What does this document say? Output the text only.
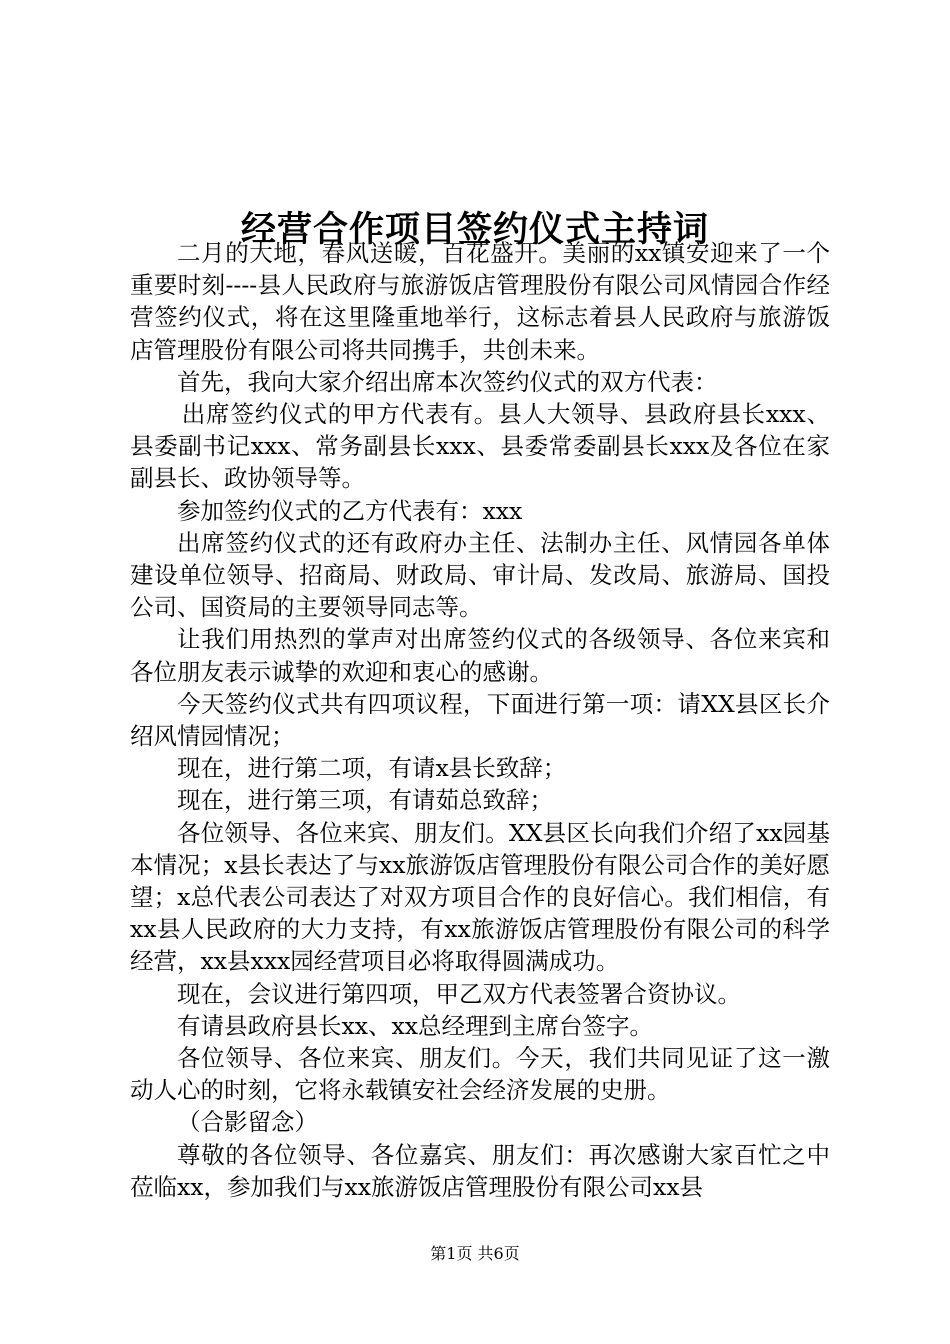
经营合作项目签约仪式主持词

二月的大地，春风送暖，百花盛开。美丽的xx镇安迎来了一个重要时刻----县人民政府与旅游饭店管理股份有限公司风情园合作经营签约仪式，将在这里隆重地举行，这标志着县人民政府与旅游饭店管理股份有限公司将共同携手，共创未来。

首先，我向大家介绍出席本次签约仪式的双方代表：

出席签约仪式的甲方代表有。县人大领导、县政府县长xxx、县委副书记xxx、常务副县长xxx、县委常委副县长xxx及各位在家副县长、政协领导等。

参加签约仪式的乙方代表有：xxx

出席签约仪式的还有政府办主任、法制办主任、风情园各单体建设单位领导、招商局、财政局、审计局、发改局、旅游局、国投公司、国资局的主要领导同志等。

让我们用热烈的掌声对出席签约仪式的各级领导、各位来宾和各位朋友表示诚挚的欢迎和衷心的感谢。

今天签约仪式共有四项议程，下面进行第一项：请XX县区长介绍风情园情况；

现在，进行第二项，有请x县长致辞；

现在，进行第三项，有请茹总致辞；

各位领导、各位来宾、朋友们。XX县区长向我们介绍了xx园基本情况；x县长表达了与xx旅游饭店管理股份有限公司合作的美好愿望；x总代表公司表达了对双方项目合作的良好信心。我们相信，有xx县人民政府的大力支持，有xx旅游饭店管理股份有限公司的科学经营，xx县xxx园经营项目必将取得圆满成功。

现在，会议进行第四项，甲乙双方代表签署合资协议。

有请县政府县长xx、xx总经理到主席台签字。

各位领导、各位来宾、朋友们。今天，我们共同见证了这一激动人心的时刻，它将永载镇安社会经济发展的史册。

（合影留念）

尊敬的各位领导、各位嘉宾、朋友们：再次感谢大家百忙之中莅临xx，参加我们与xx旅游饭店管理股份有限公司xx县

第1页 共6页
